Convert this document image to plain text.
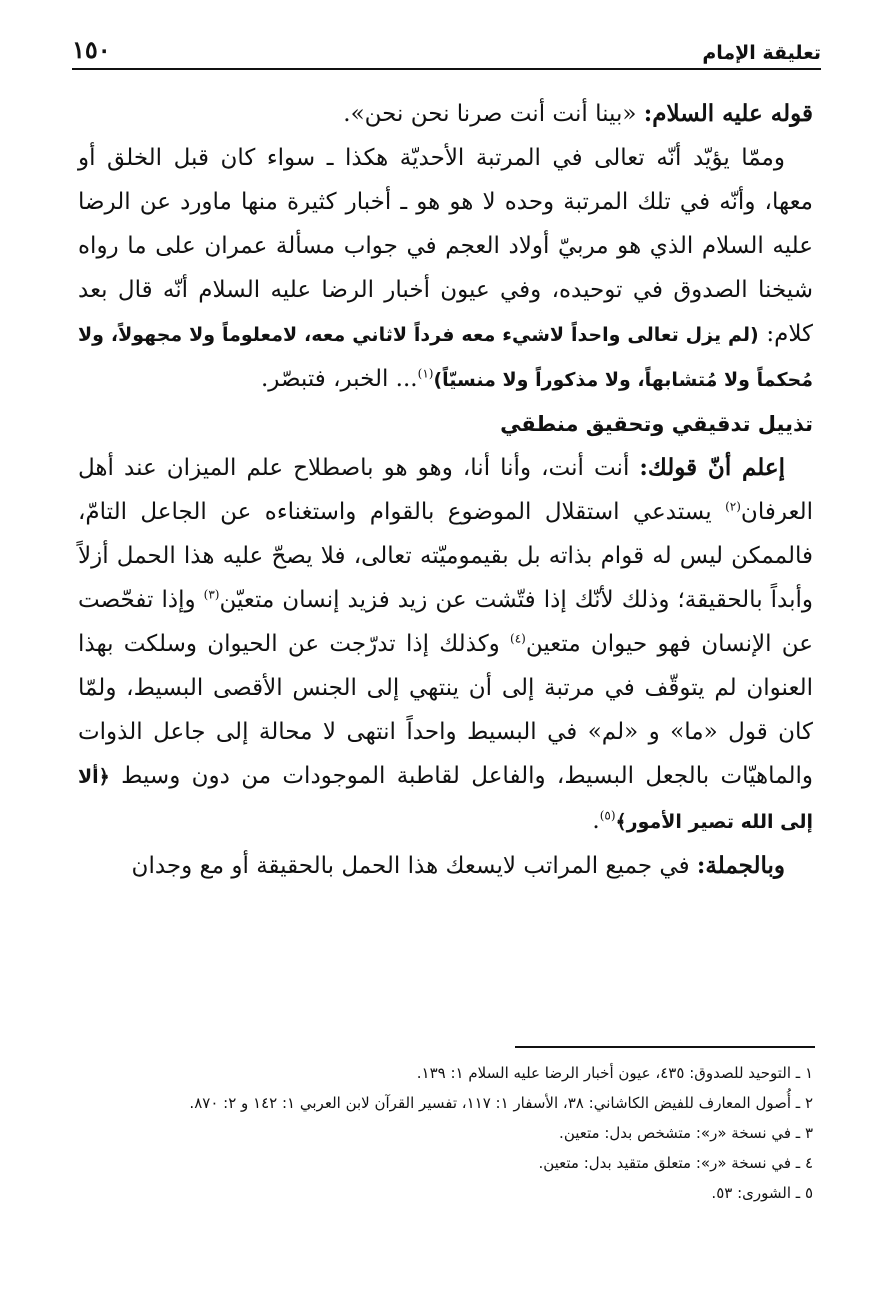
تعليقة الإمام
١٥٠

قوله عليه السلام: «بينا أنت أنت صرنا نحن نحن».

وممّا يؤيّد أنّه تعالى في المرتبة الأحديّة هكذا ـ سواء كان قبل الخلق أو معها، وأنّه في تلك المرتبة وحده لا هو هو ـ أخبار كثيرة منها ماورد عن الرضا عليه السلام الذي هو مربيّ أولاد العجم في جواب مسألة عمران على ما رواه شيخنا الصدوق في توحيده، وفي عيون أخبار الرضا عليه السلام أنّه قال بعد كلام: (لم يزل تعالى واحداً لاشيء معه فرداً لاثاني معه، لامعلوماً ولا مجهولاً، ولا مُحكماً ولا مُتشابهاً، ولا مذكوراً ولا منسيّاً)$^{(١)}$... الخبر، فتبصّر.

تذييل تدقيقي وتحقيق منطقي

إعلم أنّ قولك: أنت أنت، وأنا أنا، وهو هو باصطلاح علم الميزان عند أهل العرفان$^{(٢)}$ يستدعي استقلال الموضوع بالقوام واستغناءه عن الجاعل التامّ، فالممكن ليس له قوام بذاته بل بقيموميّته تعالى، فلا يصحّ عليه هذا الحمل أزلاً وأبداً بالحقيقة؛ وذلك لأنّك إذا فتّشت عن زيد فزيد إنسان متعيّن$^{(٣)}$ وإذا تفحّصت عن الإنسان فهو حيوان متعين$^{(٤)}$ وكذلك إذا تدرّجت عن الحيوان وسلكت بهذا العنوان لم يتوقّف في مرتبة إلى أن ينتهي إلى الجنس الأقصى البسيط، ولمّا كان قول «ما» و «لم» في البسيط واحداً انتهى لا محالة إلى جاعل الذوات والماهيّات بالجعل البسيط، والفاعل لقاطبة الموجودات من دون وسيط ﴿ألا إلى الله تصير الأمور﴾$^{(٥)}$.

وبالجملة: في جميع المراتب لايسعك هذا الحمل بالحقيقة أو مع وجدان

١ ـ التوحيد للصدوق: ٤٣٥، عيون أخبار الرضا عليه السلام ١: ١٣٩.
٢ ـ أُصول المعارف للفيض الكاشاني: ٣٨، الأسفار ١: ١١٧، تفسير القرآن لابن العربي ١: ١٤٢ و ٢: ٨٧٠.
٣ ـ في نسخة «ر»: متشخص بدل: متعين.
٤ ـ في نسخة «ر»: متعلق متقيد بدل: متعين.
٥ ـ الشورى: ٥٣.
